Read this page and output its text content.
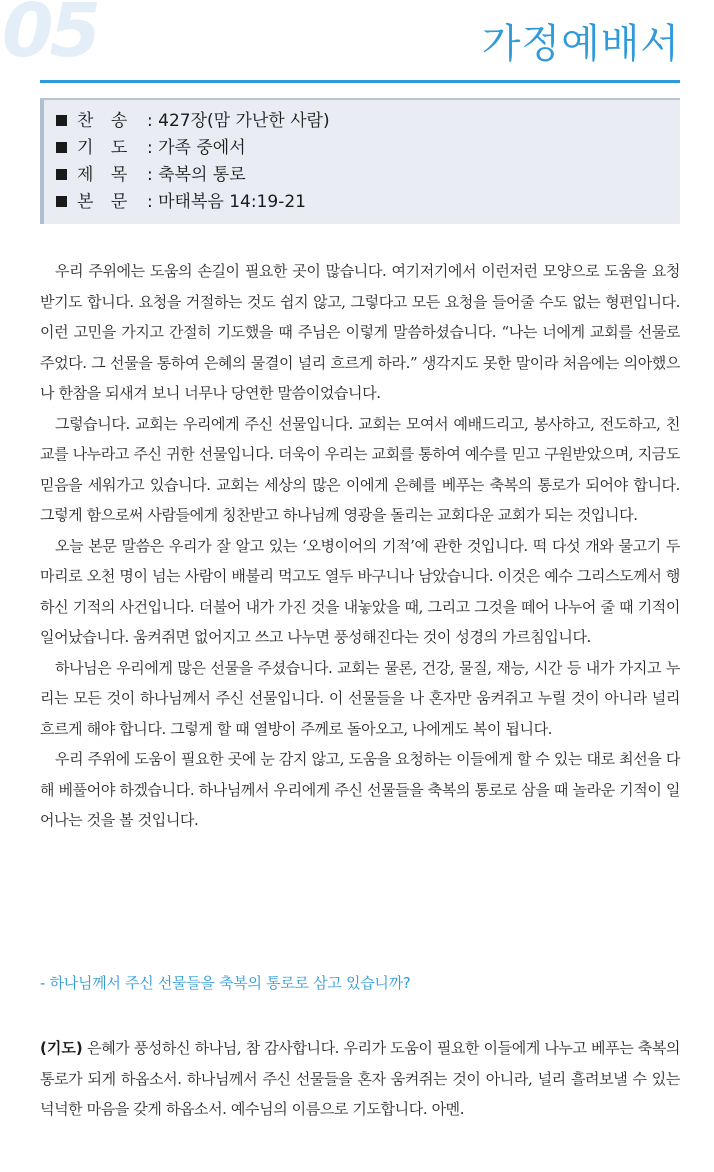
05	가정예배서
찬 송 : 427장(맘 가난한 사람)
기 도 : 가족 중에서
제 목 : 축복의 통로
본 문 : 마태복음 14:19-21

우리 주위에는 도움의 손길이 필요한 곳이 많습니다. 여기저기에서 이런저런 모양으로 도움을 요청받기도 합니다. 요청을 거절하는 것도 쉽지 않고, 그렇다고 모든 요청을 들어줄 수도 없는 형편입니다. 이런 고민을 가지고 간절히 기도했을 때 주님은 이렇게 말씀하셨습니다. “나는 너에게 교회를 선물로 주었다. 그 선물을 통하여 은혜의 물결이 널리 흐르게 하라.” 생각지도 못한 말이라 처음에는 의아했으나 한참을 되새겨 보니 너무나 당연한 말씀이었습니다.

그렇습니다. 교회는 우리에게 주신 선물입니다. 교회는 모여서 예배드리고, 봉사하고, 전도하고, 친교를 나누라고 주신 귀한 선물입니다. 더욱이 우리는 교회를 통하여 예수를 믿고 구원받았으며, 지금도 믿음을 세워가고 있습니다. 교회는 세상의 많은 이에게 은혜를 베푸는 축복의 통로가 되어야 합니다. 그렇게 함으로써 사람들에게 칭찬받고 하나님께 영광을 돌리는 교회다운 교회가 되는 것입니다.

오늘 본문 말씀은 우리가 잘 알고 있는 ‘오병이어의 기적’에 관한 것입니다. 떡 다섯 개와 물고기 두 마리로 오천 명이 넘는 사람이 배불리 먹고도 열두 바구니나 남았습니다. 이것은 예수 그리스도께서 행하신 기적의 사건입니다. 더불어 내가 가진 것을 내놓았을 때, 그리고 그것을 떼어 나누어 줄 때 기적이 일어났습니다. 움켜쥐면 없어지고 쓰고 나누면 풍성해진다는 것이 성경의 가르침입니다.

하나님은 우리에게 많은 선물을 주셨습니다. 교회는 물론, 건강, 물질, 재능, 시간 등 내가 가지고 누리는 모든 것이 하나님께서 주신 선물입니다. 이 선물들을 나 혼자만 움켜쥐고 누릴 것이 아니라 널리 흐르게 해야 합니다. 그렇게 할 때 열방이 주께로 돌아오고, 나에게도 복이 됩니다.

우리 주위에 도움이 필요한 곳에 눈 감지 않고, 도움을 요청하는 이들에게 할 수 있는 대로 최선을 다해 베풀어야 하겠습니다. 하나님께서 우리에게 주신 선물들을 축복의 통로로 삼을 때 놀라운 기적이 일어나는 것을 볼 것입니다.

- 하나님께서 주신 선물들을 축복의 통로로 삼고 있습니까?
(기도) 은혜가 풍성하신 하나님, 참 감사합니다. 우리가 도움이 필요한 이들에게 나누고 베푸는 축복의 통로가 되게 하옵소서. 하나님께서 주신 선물들을 혼자 움켜쥐는 것이 아니라, 널리 흘려보낼 수 있는 넉넉한 마음을 갖게 하옵소서. 예수님의 이름으로 기도합니다. 아멘.
